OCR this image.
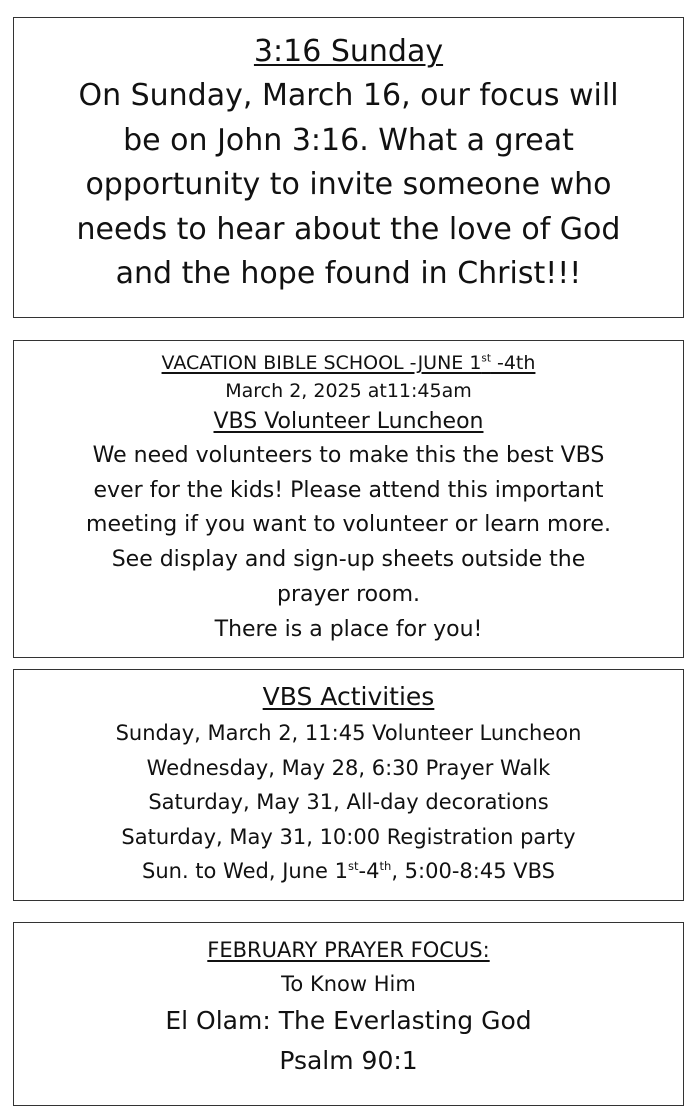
3:16 Sunday
On Sunday, March 16, our focus will
be on John 3:16. What a great
opportunity to invite someone who
needs to hear about the love of God
and the hope found in Christ!!!
VACATION BIBLE SCHOOL -JUNE 1st -4th
March 2, 2025 at11:45am
VBS Volunteer Luncheon
We need volunteers to make this the best VBS
ever for the kids! Please attend this important
meeting if you want to volunteer or learn more.
See display and sign-up sheets outside the
prayer room.
There is a place for you!
VBS Activities
Sunday, March 2, 11:45 Volunteer Luncheon
Wednesday, May 28, 6:30 Prayer Walk
Saturday, May 31, All-day decorations
Saturday, May 31, 10:00 Registration party
Sun. to Wed, June 1st-4th, 5:00-8:45 VBS
FEBRUARY PRAYER FOCUS:
To Know Him
El Olam: The Everlasting God
Psalm 90:1
